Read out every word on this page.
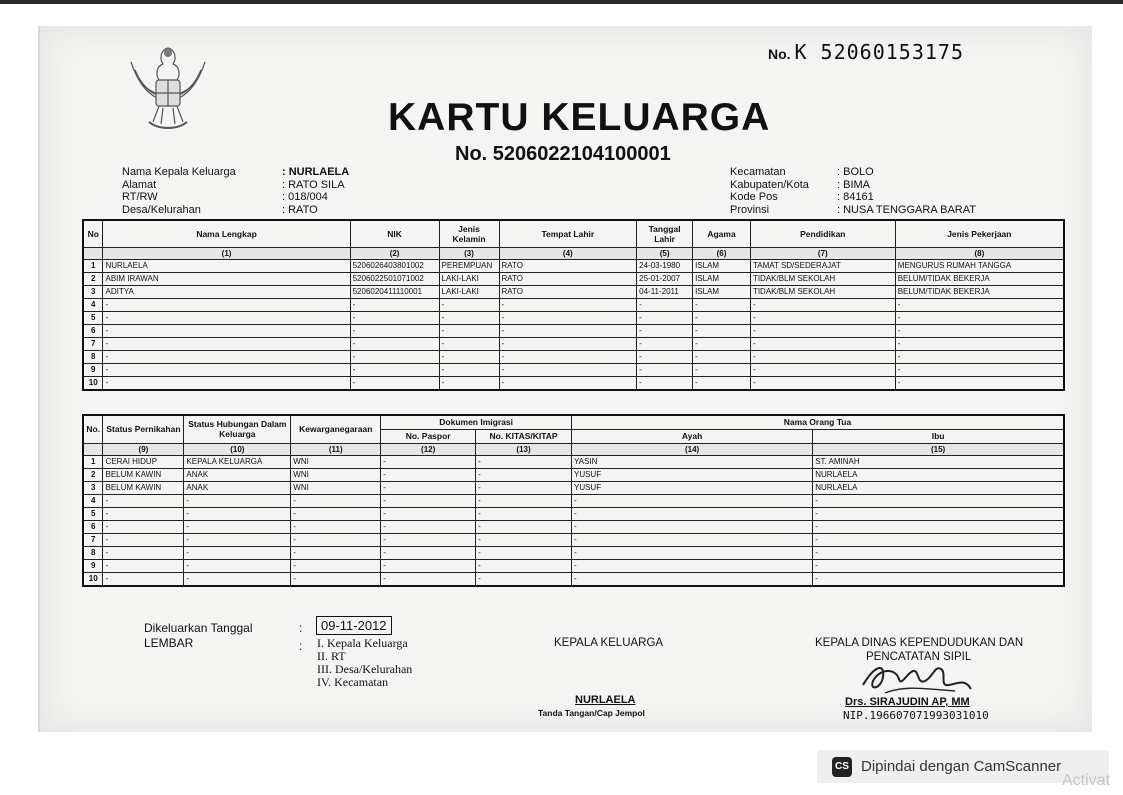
No. K 52060153175
KARTU KELUARGA
No. 5206022104100001
Nama Kepala Keluarga	: NURLAELA
Alamat	: RATO SILA
RT/RW	: 018/004
Desa/Kelurahan	: RATO
Kecamatan	: BOLO
Kabupaten/Kota	: BIMA
Kode Pos	: 84161
Provinsi	: NUSA TENGGARA BARAT
No	Nama Lengkap	NIK	Jenis Kelamin	Tempat Lahir	Tanggal Lahir	Agama	Pendidikan	Jenis Pekerjaan
	(1)	(2)	(3)	(4)	(5)	(6)	(7)	(8)
1	NURLAELA	5206026403801002	PEREMPUAN	RATO	24-03-1980	ISLAM	TAMAT SD/SEDERAJAT	MENGURUS RUMAH TANGGA
2	ABIM IRAWAN	5206022501071002	LAKI-LAKI	RATO	25-01-2007	ISLAM	TIDAK/BLM SEKOLAH	BELUM/TIDAK BEKERJA
3	ADITYA	5206020411110001	LAKI-LAKI	RATO	04-11-2011	ISLAM	TIDAK/BLM SEKOLAH	BELUM/TIDAK BEKERJA
4	-	-	-	-	-	-	-	-
5	-	-	-	-	-	-	-	-
6	-	-	-	-	-	-	-	-
7	-	-	-	-	-	-	-	-
8	-	-	-	-	-	-	-	-
9	-	-	-	-	-	-	-	-
10	-	-	-	-	-	-	-	-
No.	Status Pernikahan	Status Hubungan Dalam Keluarga	Kewarganegaraan	Dokumen Imigrasi		Nama Orang Tua	
				No. Paspor	No. KITAS/KITAP	Ayah	Ibu
	(9)	(10)	(11)	(12)	(13)	(14)	(15)
1	CERAI HIDUP	KEPALA KELUARGA	WNI	-	-	YASIN	ST. AMINAH
2	BELUM KAWIN	ANAK	WNI	-	-	YUSUF	NURLAELA
3	BELUM KAWIN	ANAK	WNI	-	-	YUSUF	NURLAELA
4	-	-	-	-	-	-	-
5	-	-	-	-	-	-	-
6	-	-	-	-	-	-	-
7	-	-	-	-	-	-	-
8	-	-	-	-	-	-	-
9	-	-	-	-	-	-	-
10	-	-	-	-	-	-	-
Dikeluarkan Tanggal
LEMBAR
:
:
09-11-2012
I. Kepala Keluarga
II. RT
III. Desa/Kelurahan
IV. Kecamatan
KEPALA KELUARGA
NURLAELA
Tanda Tangan/Cap Jempol
KEPALA DINAS KEPENDUDUKAN DAN
PENCATATAN SIPIL
Drs. SIRAJUDIN AP, MM
NIP.196607071993031010
CS Dipindai dengan CamScanner
Activat
